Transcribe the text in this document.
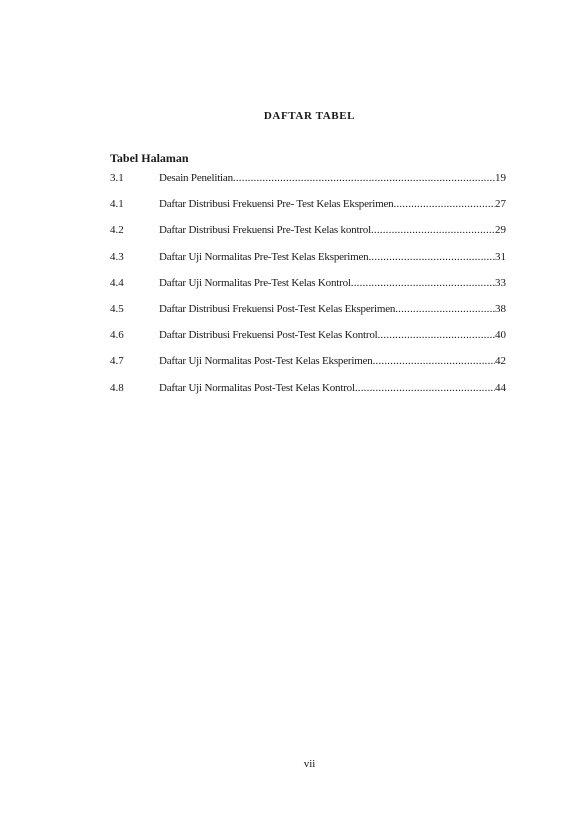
DAFTAR TABEL
Tabel Halaman
3.1	Desain Penelitian .....	19
4.1	Daftar Distribusi Frekuensi Pre- Test Kelas Eksperimen .....	27
4.2	Daftar Distribusi Frekuensi Pre-Test Kelas kontrol .....	29
4.3	Daftar Uji Normalitas Pre-Test Kelas Eksperimen .....	31
4.4	Daftar Uji Normalitas Pre-Test Kelas Kontrol .....	33
4.5	Daftar Distribusi Frekuensi Post-Test Kelas Eksperimen .....	38
4.6	Daftar Distribusi Frekuensi Post-Test Kelas Kontrol .....	40
4.7	Daftar Uji Normalitas Post-Test Kelas Eksperimen .....	42
4.8	Daftar Uji Normalitas Post-Test Kelas Kontrol .....	44
vii
